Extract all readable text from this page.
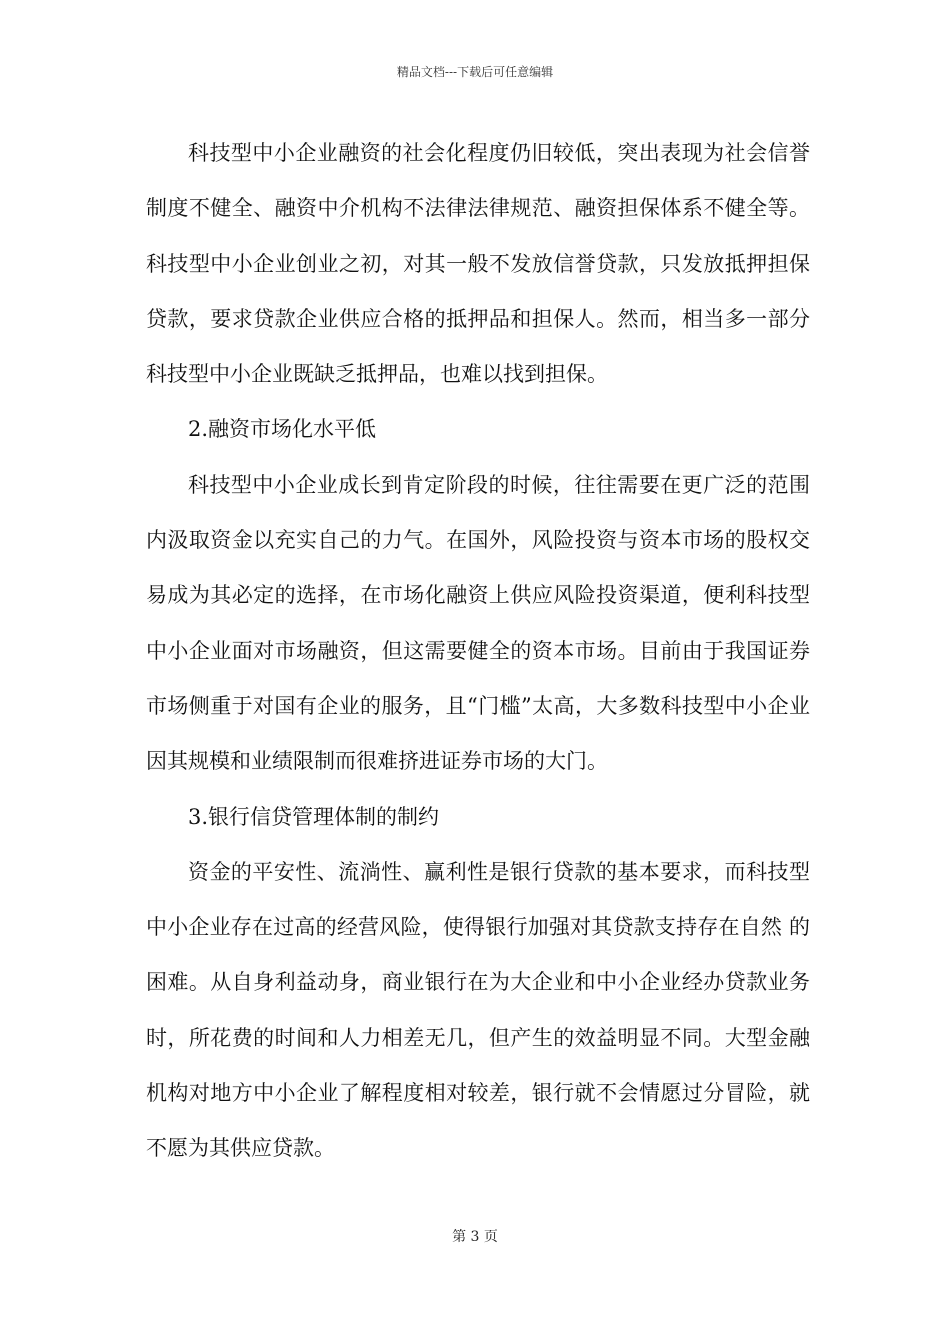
精品文档---下载后可任意编辑

科技型中小企业融资的社会化程度仍旧较低，突出表现为社会信誉制度不健全、融资中介机构不法律法律规范、融资担保体系不健全等。科技型中小企业创业之初，对其一般不发放信誉贷款，只发放抵押担保贷款，要求贷款企业供应合格的抵押品和担保人。然而，相当多一部分科技型中小企业既缺乏抵押品，也难以找到担保。

2.融资市场化水平低

科技型中小企业成长到肯定阶段的时候，往往需要在更广泛的范围内汲取资金以充实自己的力气。在国外，风险投资与资本市场的股权交易成为其必定的选择，在市场化融资上供应风险投资渠道，便利科技型中小企业面对市场融资，但这需要健全的资本市场。目前由于我国证券市场侧重于对国有企业的服务，且“门槛”太高，大多数科技型中小企业因其规模和业绩限制而很难挤进证券市场的大门。

3.银行信贷管理体制的制约

资金的平安性、流淌性、赢利性是银行贷款的基本要求，而科技型中小企业存在过高的经营风险，使得银行加强对其贷款支持存在自然 的困难。从自身利益动身，商业银行在为大企业和中小企业经办贷款业务时，所花费的时间和人力相差无几，但产生的效益明显不同。大型金融机构对地方中小企业了解程度相对较差，银行就不会情愿过分冒险，就不愿为其供应贷款。

第 3 页
